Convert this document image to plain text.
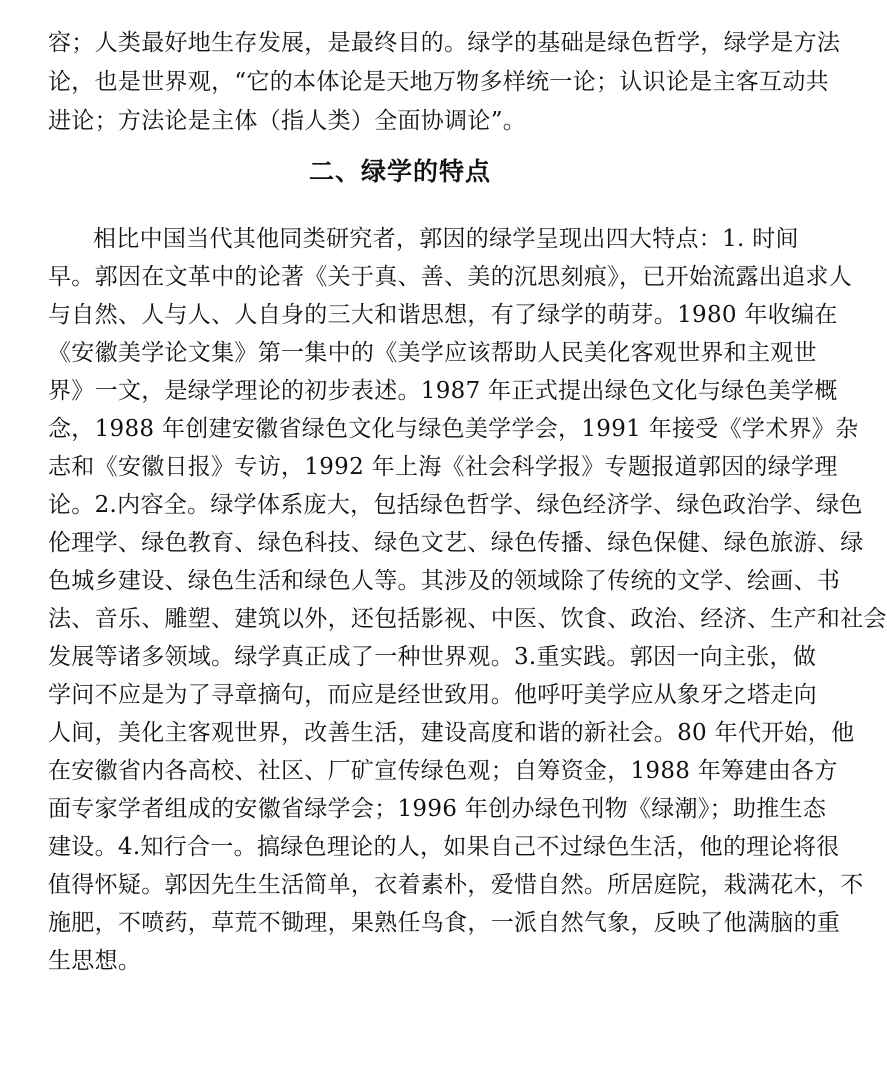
容；人类最好地生存发展，是最终目的。绿学的基础是绿色哲学，绿学是方法

论，也是世界观，“它的本体论是天地万物多样统一论；认识论是主客互动共

进论；方法论是主体（指人类）全面协调论”。

二、绿学的特点

相比中国当代其他同类研究者，郭因的绿学呈现出四大特点：1. 时间

早。郭因在文革中的论著《关于真、善、美的沉思刻痕》，已开始流露出追求人

与自然、人与人、人自身的三大和谐思想，有了绿学的萌芽。1980 年收编在

《安徽美学论文集》第一集中的《美学应该帮助人民美化客观世界和主观世

界》一文，是绿学理论的初步表述。1987 年正式提出绿色文化与绿色美学概

念，1988 年创建安徽省绿色文化与绿色美学学会，1991 年接受《学术界》杂

志和《安徽日报》专访，1992 年上海《社会科学报》专题报道郭因的绿学理

论。2.内容全。绿学体系庞大，包括绿色哲学、绿色经济学、绿色政治学、绿色

伦理学、绿色教育、绿色科技、绿色文艺、绿色传播、绿色保健、绿色旅游、绿

色城乡建设、绿色生活和绿色人等。其涉及的领域除了传统的文学、绘画、书

法、音乐、雕塑、建筑以外，还包括影视、中医、饮食、政治、经济、生产和社会

发展等诸多领域。绿学真正成了一种世界观。3.重实践。郭因一向主张，做

学问不应是为了寻章摘句，而应是经世致用。他呼吁美学应从象牙之塔走向

人间，美化主客观世界，改善生活，建设高度和谐的新社会。80 年代开始，他

在安徽省内各高校、社区、厂矿宣传绿色观；自筹资金，1988 年筹建由各方

面专家学者组成的安徽省绿学会；1996 年创办绿色刊物《绿潮》；助推生态

建设。4.知行合一。搞绿色理论的人，如果自己不过绿色生活，他的理论将很

值得怀疑。郭因先生生活简单，衣着素朴，爱惜自然。所居庭院，栽满花木，不

施肥，不喷药，草荒不锄理，果熟任鸟食，一派自然气象，反映了他满脑的重

生思想。
